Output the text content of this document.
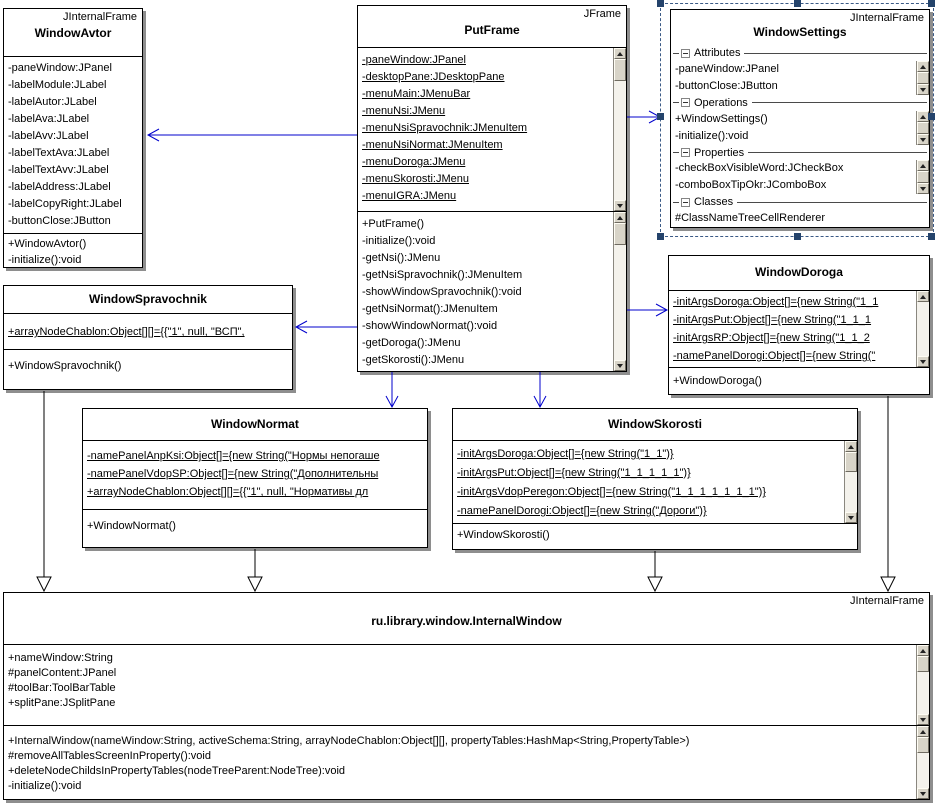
JInternalFrame
WindowAvtor
-paneWindow:JPanel
-labelModule:JLabel
-labelAutor:JLabel
-labelAva:JLabel
-labelAvv:JLabel
-labelTextAva:JLabel
-labelTextAvv:JLabel
-labelAddress:JLabel
-labelCopyRight:JLabel
-buttonClose:JButton
+WindowAvtor()
-initialize():void
JFrame
PutFrame
-paneWindow:JPanel
-desktopPane:JDesktopPane
-menuMain:JMenuBar
-menuNsi:JMenu
-menuNsiSpravochnik:JMenuItem
-menuNsiNormat:JMenuItem
-menuDoroga:JMenu
-menuSkorosti:JMenu
-menuIGRA:JMenu
+PutFrame()
-initialize():void
-getNsi():JMenu
-getNsiSpravochnik():JMenuItem
-showWindowSpravochnik():void
-getNsiNormat():JMenuItem
-showWindowNormat():void
-getDoroga():JMenu
-getSkorosti():JMenu
JInternalFrame
WindowSettings
Attributes
-paneWindow:JPanel
-buttonClose:JButton
Operations
+WindowSettings()
-initialize():void
Properties
-checkBoxVisibleWord:JCheckBox
-comboBoxTipOkr:JComboBox
Classes
#ClassNameTreeCellRenderer
WindowDoroga
-initArgsDoroga:Object[]={new String("1_1
-initArgsPut:Object[]={new String("1_1_1
-initArgsRP:Object[]={new String("1_1_2
-namePanelDorogi:Object[]={new String("
+WindowDoroga()
WindowSpravochnik
+arrayNodeChablon:Object[][]={{"1", null, "ВСП",
+WindowSpravochnik()
WindowNormat
-namePanelAnpKsi:Object[]={new String("Нормы непогаше
-namePanelVdopSP:Object[]={new String("Дополнительны
+arrayNodeChablon:Object[][]={{"1", null, "Нормативы дл
+WindowNormat()
WindowSkorosti
-initArgsDoroga:Object[]={new String("1_1")}
-initArgsPut:Object[]={new String("1_1_1_1_1")}
-initArgsVdopPeregon:Object[]={new String("1_1_1_1_1_1_1")}
-namePanelDorogi:Object[]={new String("Дороги")}
+WindowSkorosti()
JInternalFrame
ru.library.window.InternalWindow
+nameWindow:String
#panelContent:JPanel
#toolBar:ToolBarTable
+splitPane:JSplitPane
+InternalWindow(nameWindow:String, activeSchema:String, arrayNodeChablon:Object[][], propertyTables:HashMap<String,PropertyTable>)
#removeAllTablesScreenInProperty():void
+deleteNodeChildsInPropertyTables(nodeTreeParent:NodeTree):void
-initialize():void
